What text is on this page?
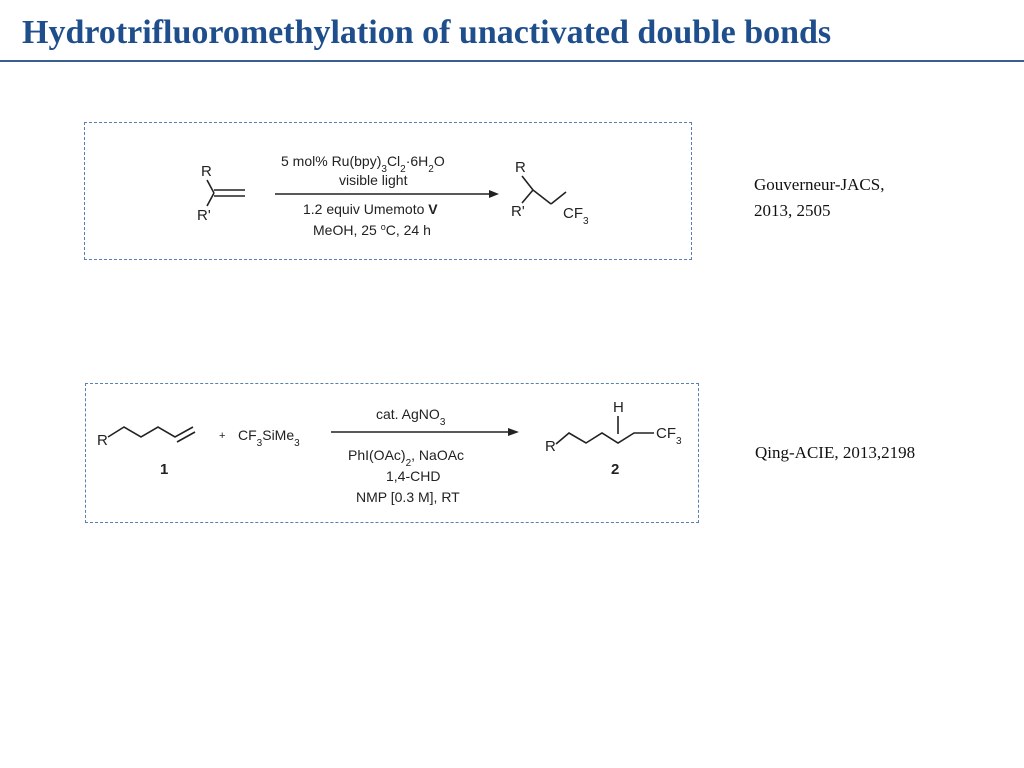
Hydrotrifluoromethylation of unactivated double bonds
R
R'
5 mol% $Ru(bpy)_3Cl_2\cdot 6H_2O$
visible light
1.2 equiv Umemoto V
MeOH, 25 $^o$C, 24 h
R
R'	$CF_3$
R
1
+ $CF_3SiMe_3$
cat. AgNO$_3$
$PhI(OAc)_2$, NaOAc
1,4-CHD
NMP [0.3 M], RT
H
R
$CF_3$
2
Gouverneur-JACS,
2013, 2505
Qing-ACIE, 2013,2198
